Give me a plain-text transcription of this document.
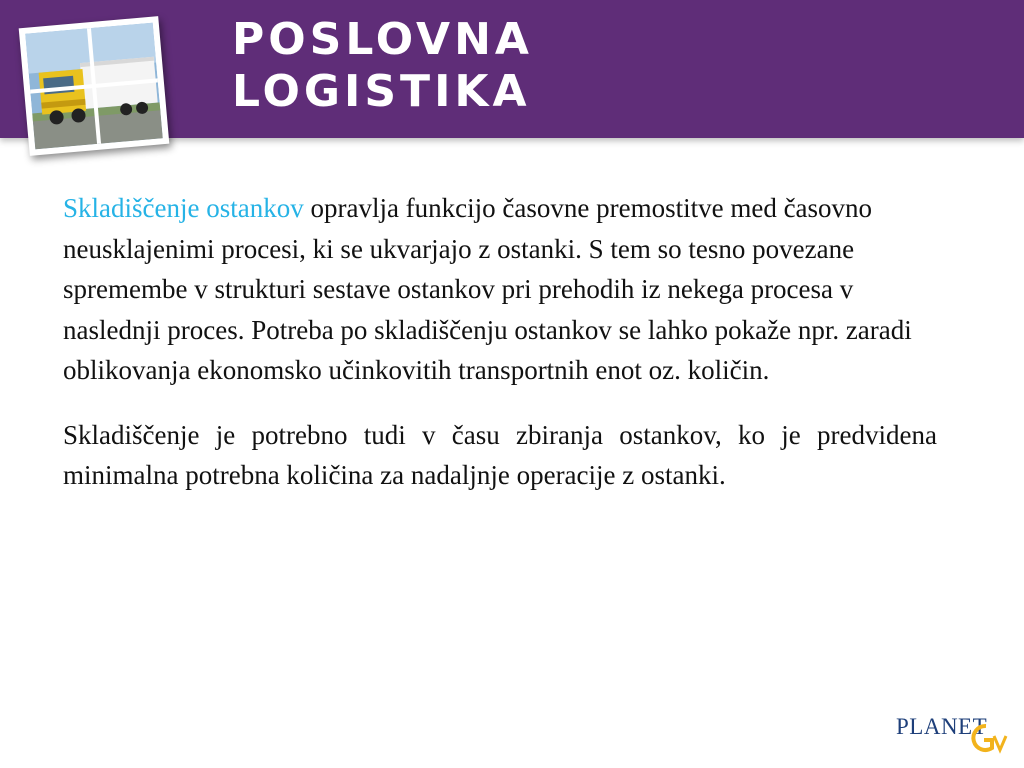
POSLOVNA
LOGISTIKA

Skladiščenje ostankov opravlja funkcijo časovne premostitve med časovno neusklajenimi procesi, ki se ukvarjajo z ostanki. S tem so tesno povezane spremembe v strukturi sestave ostankov pri prehodih iz nekega procesa v naslednji proces. Potreba po skladiščenju ostankov se lahko pokaže npr. zaradi oblikovanja ekonomsko učinkovitih transportnih enot oz. količin.

Skladiščenje je potrebno tudi v času zbiranja ostankov, ko je predvidena minimalna potrebna količina za nadaljnje operacije z ostanki.

PLANET
